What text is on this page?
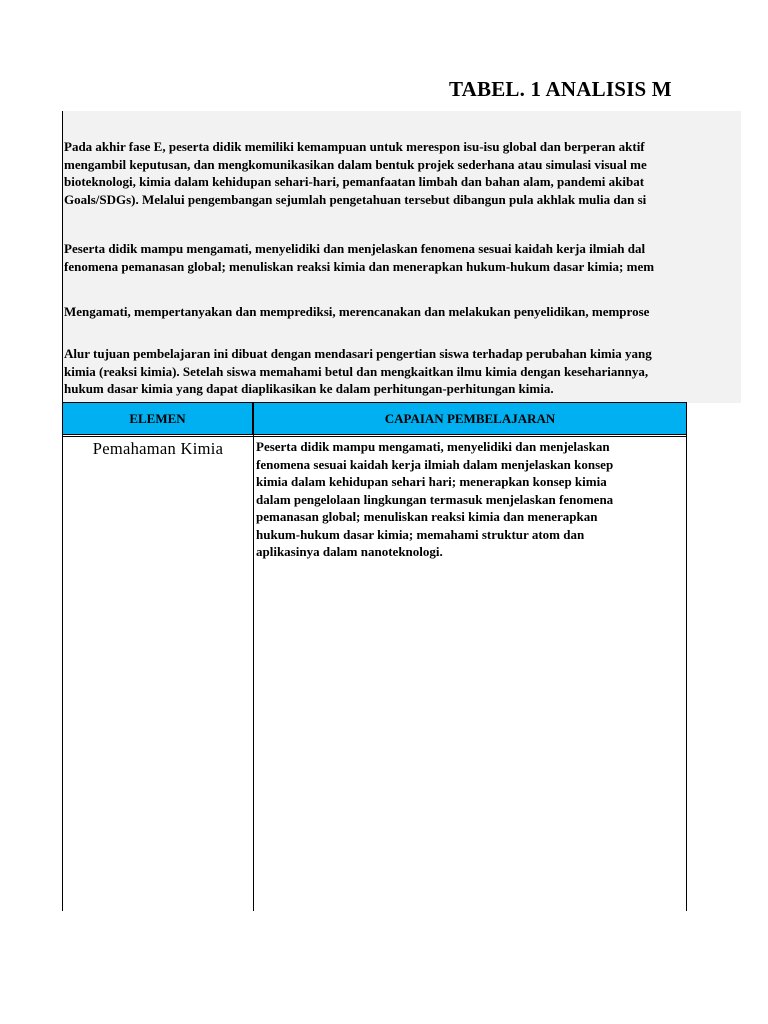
TABEL. 1 ANALISIS M
Pada akhir fase E, peserta didik memiliki kemampuan untuk merespon isu-isu global dan berperan aktif
mengambil keputusan, dan mengkomunikasikan dalam bentuk projek sederhana atau simulasi visual me
bioteknologi, kimia dalam kehidupan sehari-hari, pemanfaatan limbah dan bahan alam, pandemi akibat
Goals/SDGs). Melalui pengembangan sejumlah pengetahuan tersebut dibangun pula akhlak mulia dan si
Peserta didik mampu mengamati, menyelidiki dan menjelaskan fenomena sesuai kaidah kerja ilmiah dal
fenomena pemanasan global; menuliskan reaksi kimia dan menerapkan hukum-hukum dasar kimia; mem
Mengamati, mempertanyakan dan memprediksi, merencanakan dan melakukan penyelidikan, memprose
Alur tujuan pembelajaran ini dibuat dengan mendasari pengertian siswa terhadap perubahan kimia yang
kimia (reaksi kimia). Setelah siswa memahami betul dan mengkaitkan ilmu kimia dengan kesehariannya,
hukum dasar kimia yang dapat diaplikasikan ke dalam perhitungan-perhitungan kimia.
ELEMEN	CAPAIAN PEMBELAJARAN
Pemahaman Kimia	Peserta didik mampu mengamati, menyelidiki dan menjelaskan
fenomena sesuai kaidah kerja ilmiah dalam menjelaskan konsep
kimia dalam kehidupan sehari hari; menerapkan konsep kimia
dalam pengelolaan lingkungan termasuk menjelaskan fenomena
pemanasan global; menuliskan reaksi kimia dan menerapkan
hukum-hukum dasar kimia; memahami struktur atom dan
aplikasinya dalam nanoteknologi.
